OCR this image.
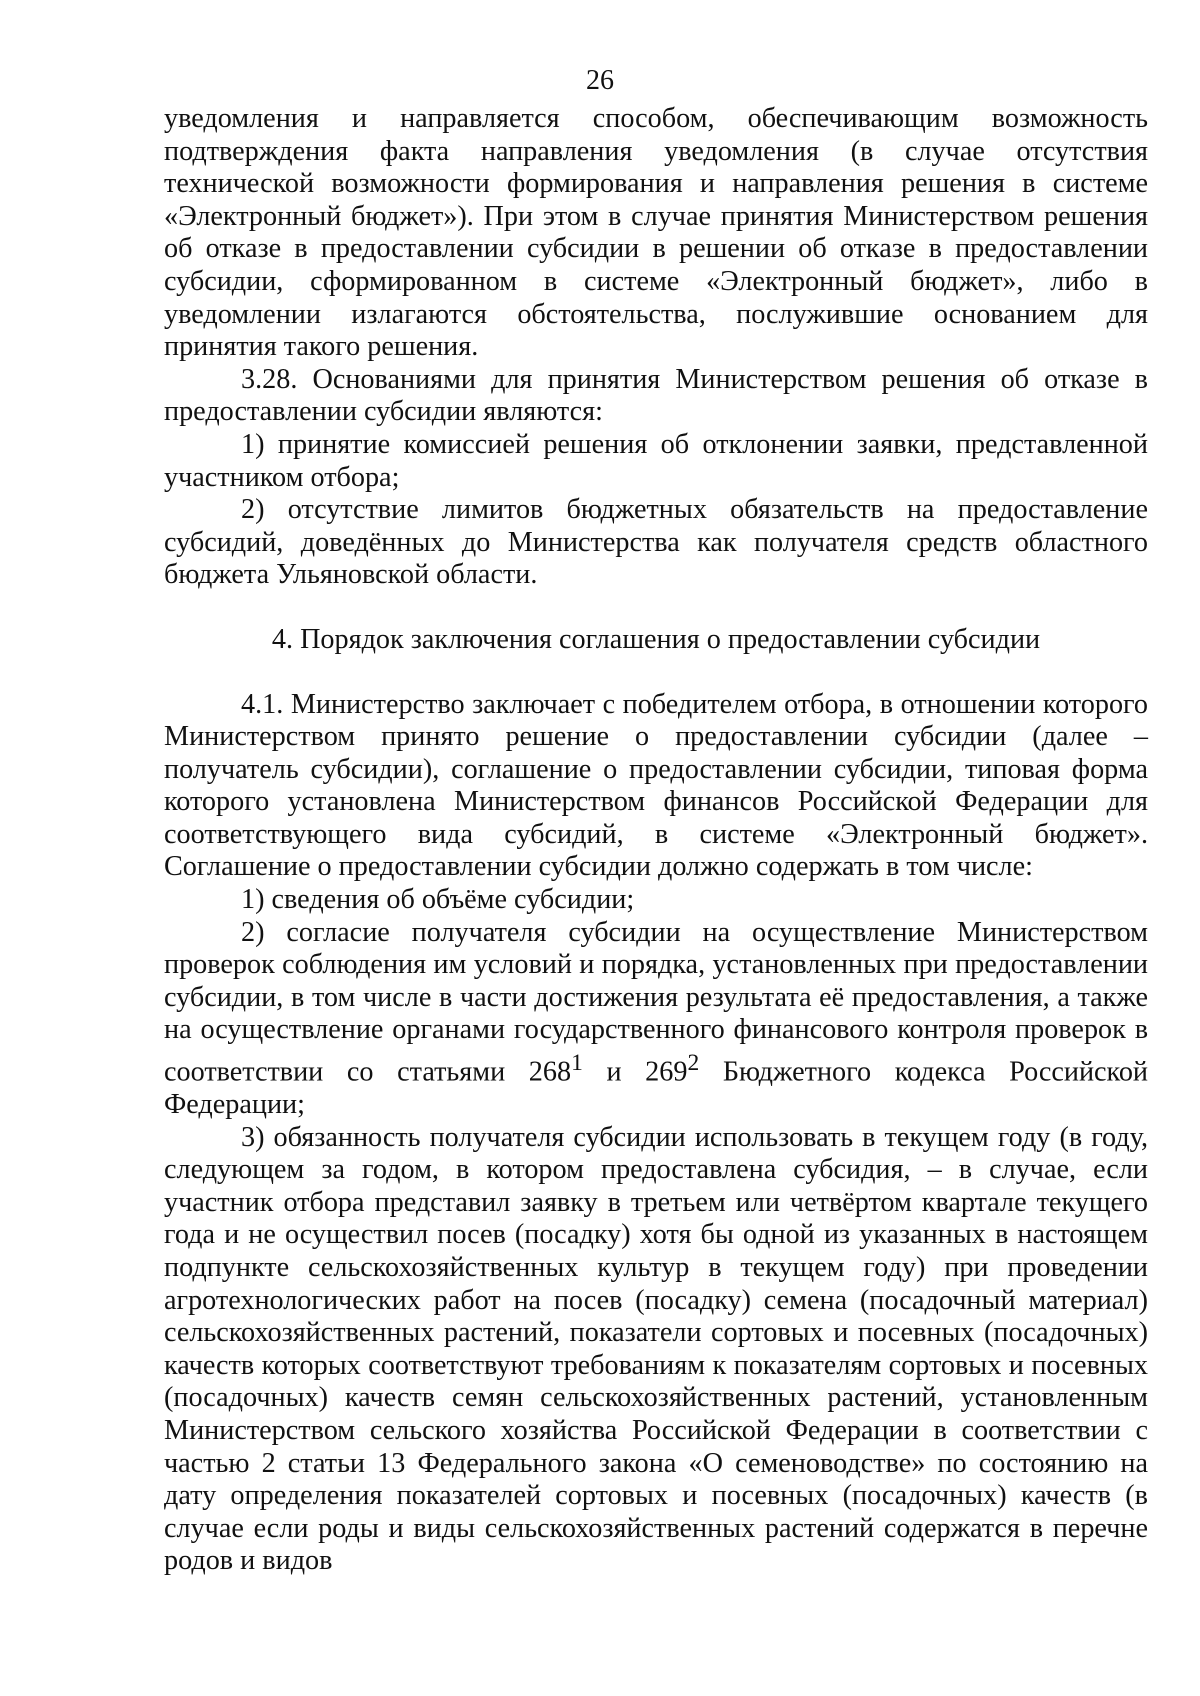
26

уведомления и направляется способом, обеспечивающим возможность подтверждения факта направления уведомления (в случае отсутствия технической возможности формирования и направления решения в системе «Электронный бюджет»). При этом в случае принятия Министерством решения об отказе в предоставлении субсидии в решении об отказе в предоставлении субсидии, сформированном в системе «Электронный бюджет», либо в уведомлении излагаются обстоятельства, послужившие основанием для принятия такого решения.

3.28. Основаниями для принятия Министерством решения об отказе в предоставлении субсидии являются:

1) принятие комиссией решения об отклонении заявки, представленной участником отбора;

2) отсутствие лимитов бюджетных обязательств на предоставление субсидий, доведённых до Министерства как получателя средств областного бюджета Ульяновской области.

4. Порядок заключения соглашения о предоставлении субсидии

4.1. Министерство заключает с победителем отбора, в отношении которого Министерством принято решение о предоставлении субсидии (далее – получатель субсидии), соглашение о предоставлении субсидии, типовая форма которого установлена Министерством финансов Российской Федерации для соответствующего вида субсидий, в системе «Электронный бюджет». Соглашение о предоставлении субсидии должно содержать в том числе:

1) сведения об объёме субсидии;

2) согласие получателя субсидии на осуществление Министерством проверок соблюдения им условий и порядка, установленных при предоставлении субсидии, в том числе в части достижения результата её предоставления, а также на осуществление органами государственного финансового контроля проверок в соответствии со статьями $268^1$ и $269^2$ Бюджетного кодекса Российской Федерации;

3) обязанность получателя субсидии использовать в текущем году (в году, следующем за годом, в котором предоставлена субсидия, – в случае, если участник отбора представил заявку в третьем или четвёртом квартале текущего года и не осуществил посев (посадку) хотя бы одной из указанных в настоящем подпункте сельскохозяйственных культур в текущем году) при проведении агротехнологических работ на посев (посадку) семена (посадочный материал) сельскохозяйственных растений, показатели сортовых и посевных (посадочных) качеств которых соответствуют требованиям к показателям сортовых и посевных (посадочных) качеств семян сельскохозяйственных растений, установленным Министерством сельского хозяйства Российской Федерации в соответствии с частью 2 статьи 13 Федерального закона «О семеноводстве» по состоянию на дату определения показателей сортовых и посевных (посадочных) качеств (в случае если роды и виды сельскохозяйственных растений содержатся в перечне родов и видов
